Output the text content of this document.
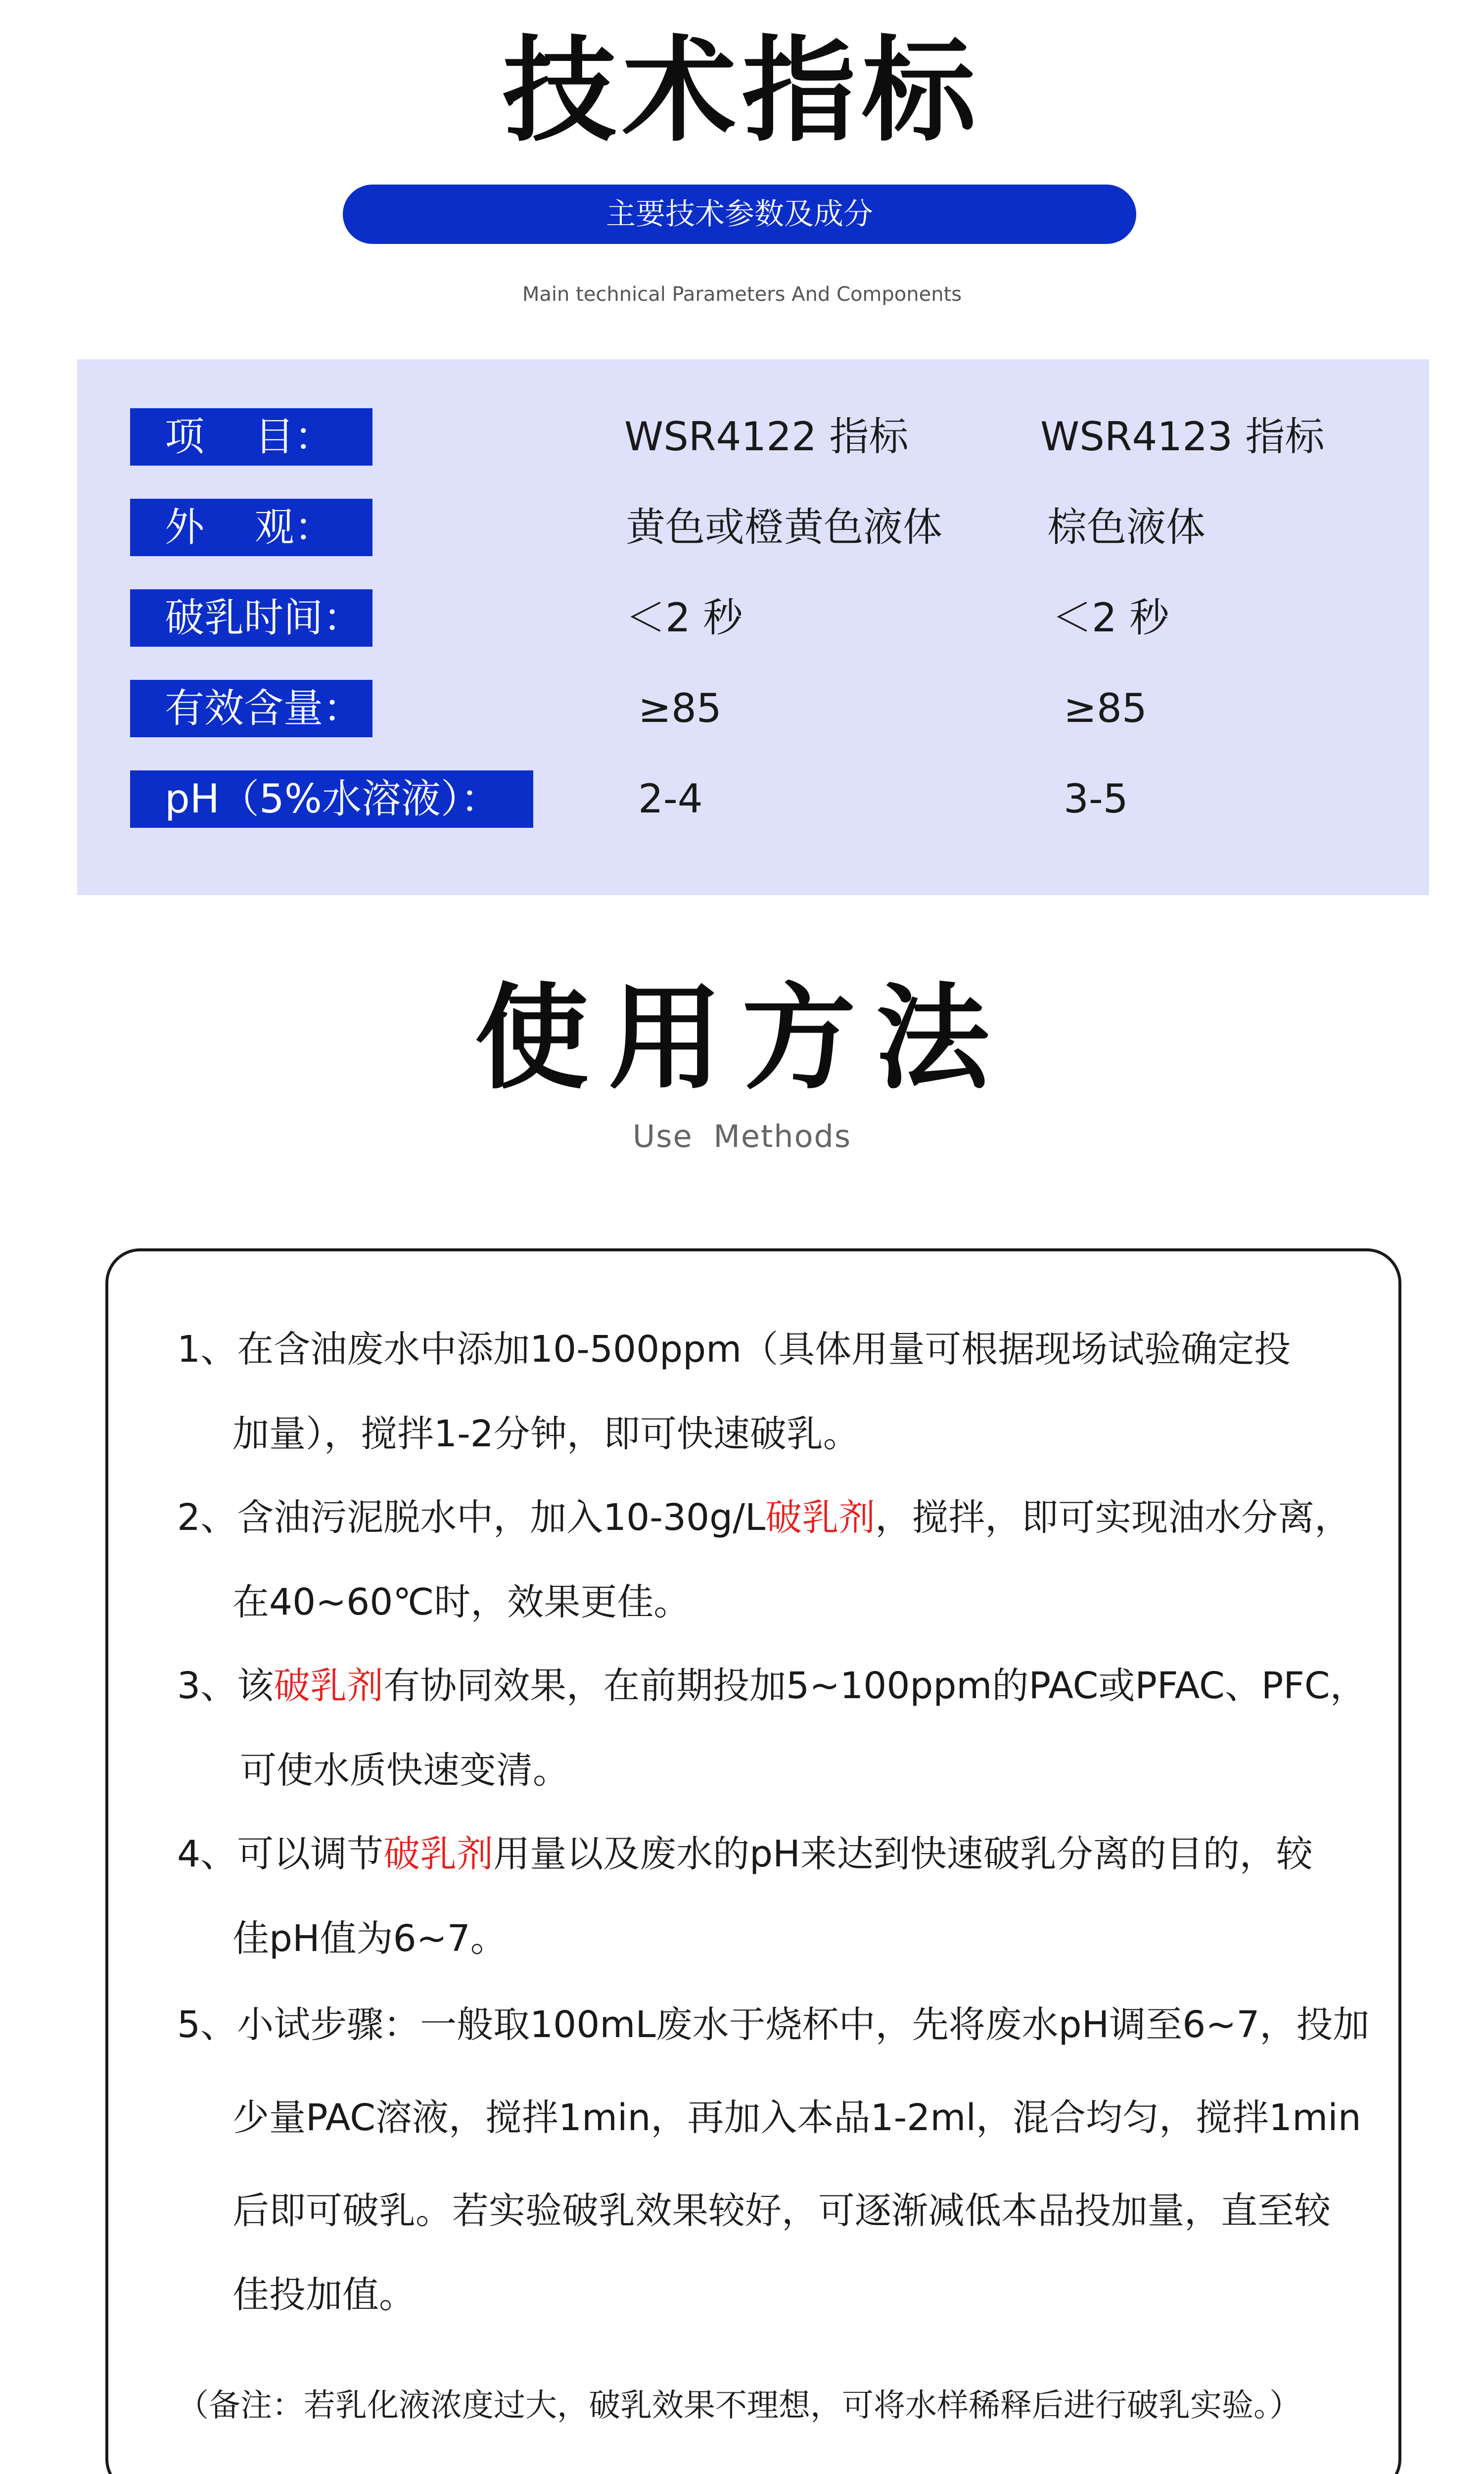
技术指标
主要技术参数及成分
Main technical Parameters And Components
项    目：	WSR4122 指标	WSR4123 指标
外    观：	黄色或橙黄色液体	棕色液体
破乳时间：	＜2 秒	＜2 秒
有效含量：	≥85	≥85
pH（5%水溶液）：	2-4	3-5
使用方法
Use Methods
1、在含油废水中添加10-500ppm（具体用量可根据现场试验确定投
加量），搅拌1-2分钟，即可快速破乳。
2、含油污泥脱水中，加入10-30g/L破乳剂，搅拌，即可实现油水分离，
在40~60℃时，效果更佳。
3、该破乳剂有协同效果，在前期投加5~100ppm的PAC或PFAC、PFC，
可使水质快速变清。
4、可以调节破乳剂用量以及废水的pH来达到快速破乳分离的目的，较
佳pH值为6~7。
5、小试步骤：一般取100mL废水于烧杯中，先将废水pH调至6~7，投加
少量PAC溶液，搅拌1min，再加入本品1-2ml，混合均匀，搅拌1min
后即可破乳。若实验破乳效果较好，可逐渐减低本品投加量，直至较
佳投加值。
（备注：若乳化液浓度过大，破乳效果不理想，可将水样稀释后进行破乳实验。）
